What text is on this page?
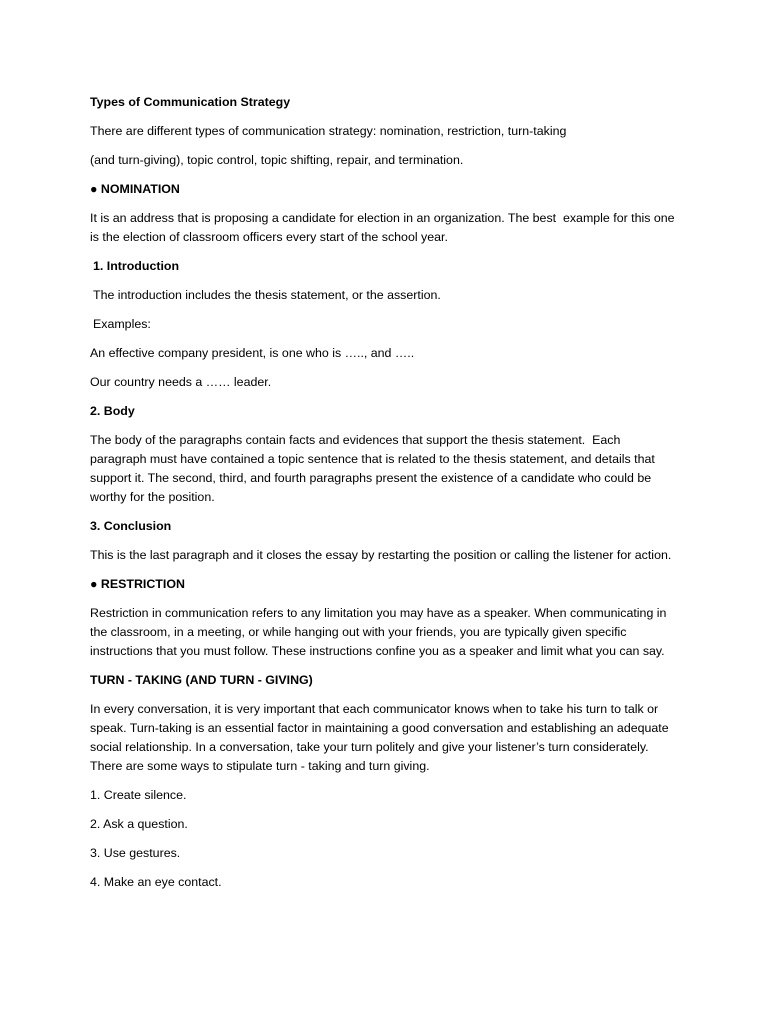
Types of Communication Strategy

There are different types of communication strategy: nomination, restriction, turn-taking

(and turn-giving), topic control, topic shifting, repair, and termination.

● NOMINATION

It is an address that is proposing a candidate for election in an organization. The best  example for this one is the election of classroom officers every start of the school year.

1. Introduction

The introduction includes the thesis statement, or the assertion.

Examples:

An effective company president, is one who is ….., and …..

Our country needs a …… leader.

2. Body

The body of the paragraphs contain facts and evidences that support the thesis statement.  Each paragraph must have contained a topic sentence that is related to the thesis statement, and details that support it. The second, third, and fourth paragraphs present the existence of a candidate who could be worthy for the position.

3. Conclusion

This is the last paragraph and it closes the essay by restarting the position or calling the listener for action.

● RESTRICTION

Restriction in communication refers to any limitation you may have as a speaker. When communicating in the classroom, in a meeting, or while hanging out with your friends, you are typically given specific instructions that you must follow. These instructions confine you as a speaker and limit what you can say.

TURN - TAKING (AND TURN - GIVING)

In every conversation, it is very important that each communicator knows when to take his turn to talk or speak. Turn-taking is an essential factor in maintaining a good conversation and establishing an adequate social relationship. In a conversation, take your turn politely and give your listener’s turn considerately. There are some ways to stipulate turn - taking and turn giving.

1. Create silence.

2. Ask a question.

3. Use gestures.

4. Make an eye contact.
